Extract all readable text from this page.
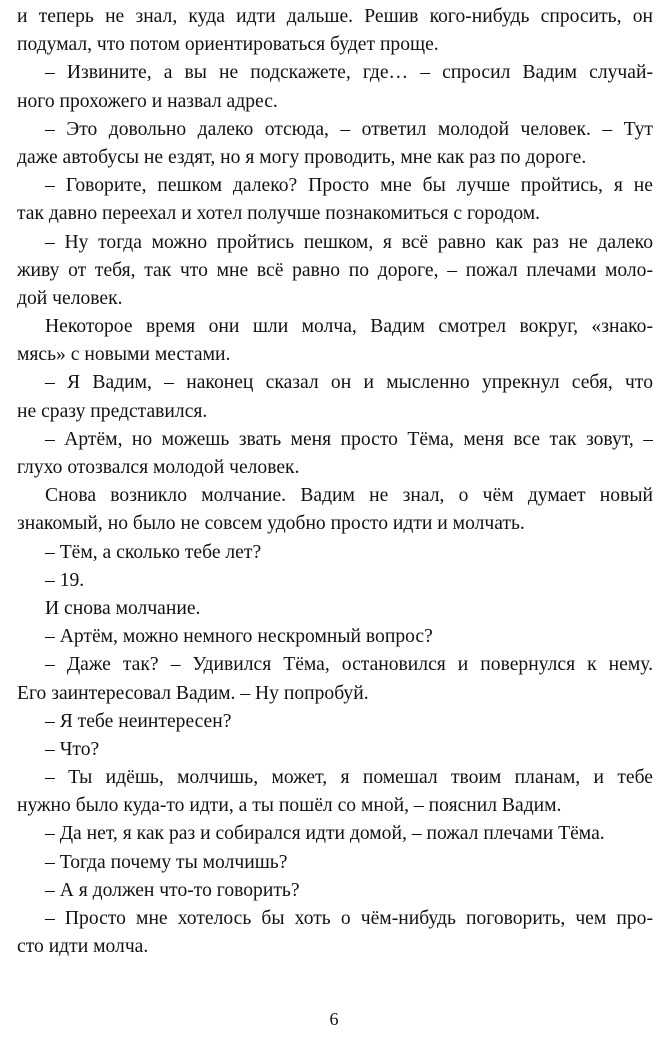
и теперь не знал, куда идти дальше. Решив кого-нибудь спросить, он
подумал, что потом ориентироваться будет проще.
– Извините, а вы не подскажете, где… – спросил Вадим случай-
ного прохожего и назвал адрес.
– Это довольно далеко отсюда, – ответил молодой человек. – Тут
даже автобусы не ездят, но я могу проводить, мне как раз по дороге.
– Говорите, пешком далеко? Просто мне бы лучше пройтись, я не
так давно переехал и хотел получше познакомиться с городом.
– Ну тогда можно пройтись пешком, я всё равно как раз не далеко
живу от тебя, так что мне всё равно по дороге, – пожал плечами моло-
дой человек.
Некоторое время они шли молча, Вадим смотрел вокруг, «знако-
мясь» с новыми местами.
– Я Вадим, – наконец сказал он и мысленно упрекнул себя, что
не сразу представился.
– Артём, но можешь звать меня просто Тёма, меня все так зовут, –
глухо отозвался молодой человек.
Снова возникло молчание. Вадим не знал, о чём думает новый
знакомый, но было не совсем удобно просто идти и молчать.
– Тём, а сколько тебе лет?
– 19.
И снова молчание.
– Артём, можно немного нескромный вопрос?
– Даже так? – Удивился Тёма, остановился и повернулся к нему.
Его заинтересовал Вадим. – Ну попробуй.
– Я тебе неинтересен?
– Что?
– Ты идёшь, молчишь, может, я помешал твоим планам, и тебе
нужно было куда-то идти, а ты пошёл со мной, – пояснил Вадим.
– Да нет, я как раз и собирался идти домой, – пожал плечами Тёма.
– Тогда почему ты молчишь?
– А я должен что-то говорить?
– Просто мне хотелось бы хоть о чём-нибудь поговорить, чем про-
сто идти молча.
6
